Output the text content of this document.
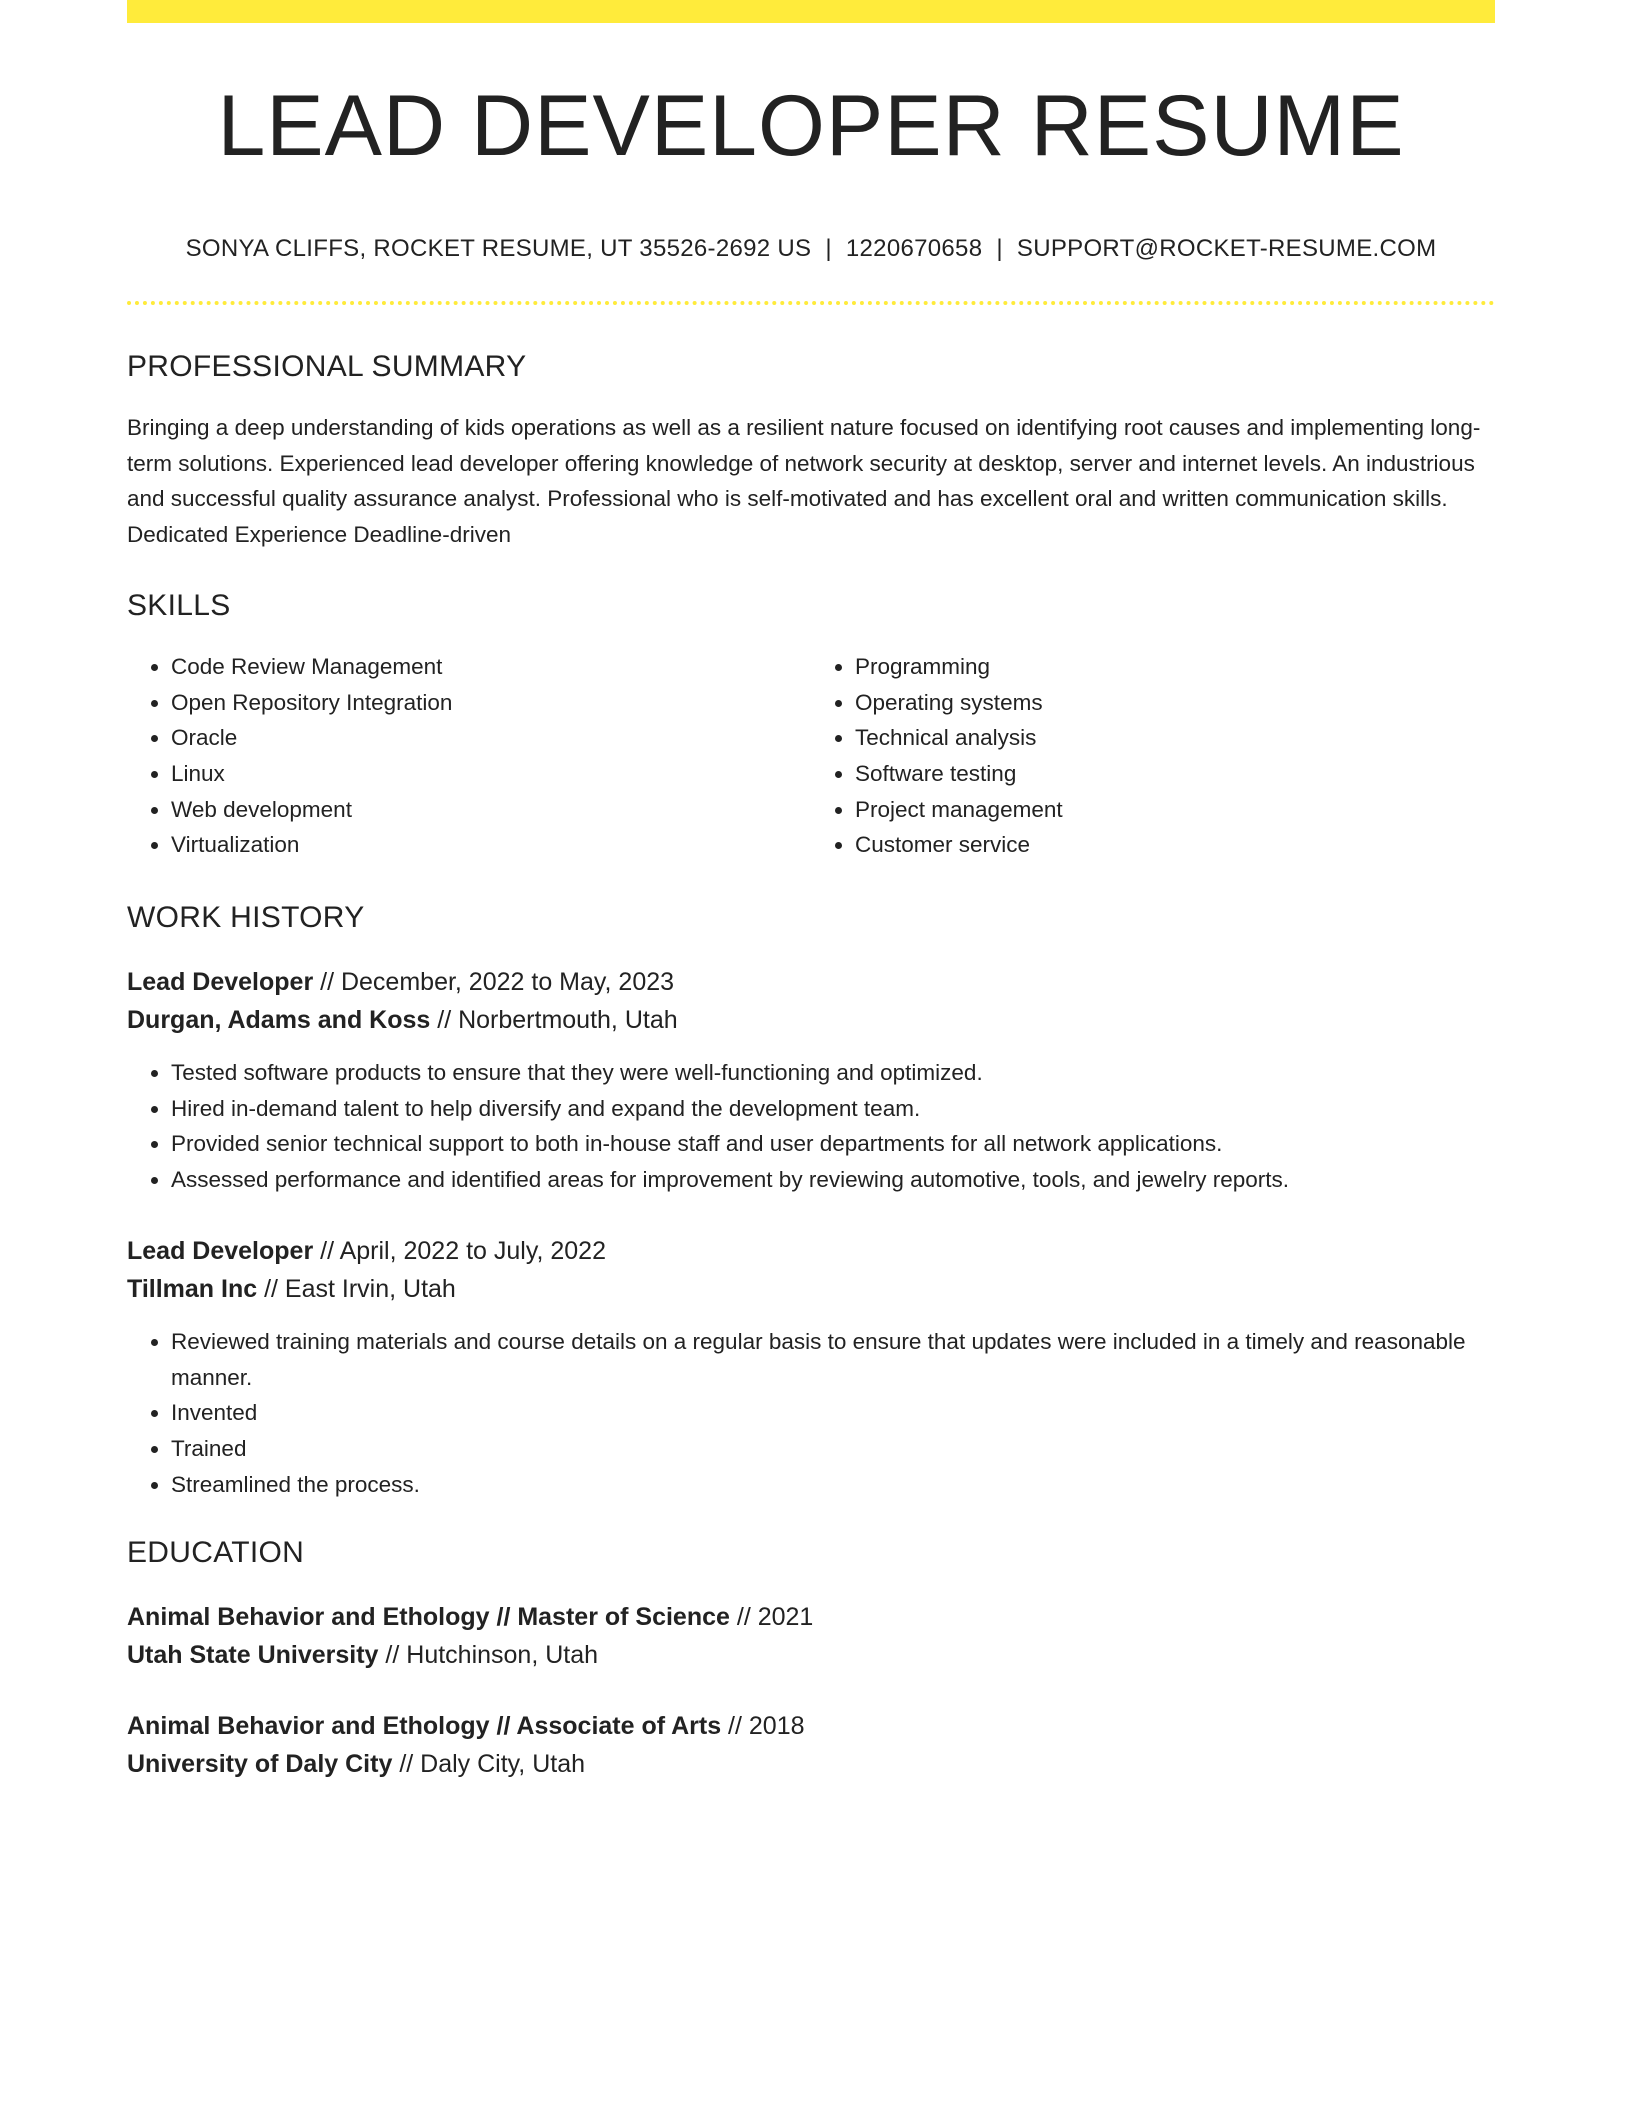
LEAD DEVELOPER RESUME
SONYA CLIFFS, ROCKET RESUME, UT 35526-2692 US | 1220670658 | SUPPORT@ROCKET-RESUME.COM
PROFESSIONAL SUMMARY
Bringing a deep understanding of kids operations as well as a resilient nature focused on identifying root causes and implementing long-term solutions. Experienced lead developer offering knowledge of network security at desktop, server and internet levels. An industrious and successful quality assurance analyst. Professional who is self-motivated and has excellent oral and written communication skills. Dedicated Experience Deadline-driven
SKILLS
• Code Review Management
• Open Repository Integration
• Oracle
• Linux
• Web development
• Virtualization
• Programming
• Operating systems
• Technical analysis
• Software testing
• Project management
• Customer service
WORK HISTORY
Lead Developer // December, 2022 to May, 2023
Durgan, Adams and Koss // Norbertmouth, Utah
• Tested software products to ensure that they were well-functioning and optimized.
• Hired in-demand talent to help diversify and expand the development team.
• Provided senior technical support to both in-house staff and user departments for all network applications.
• Assessed performance and identified areas for improvement by reviewing automotive, tools, and jewelry reports.
Lead Developer // April, 2022 to July, 2022
Tillman Inc // East Irvin, Utah
• Reviewed training materials and course details on a regular basis to ensure that updates were included in a timely and reasonable manner.
• Invented
• Trained
• Streamlined the process.
EDUCATION
Animal Behavior and Ethology // Master of Science // 2021
Utah State University // Hutchinson, Utah
Animal Behavior and Ethology // Associate of Arts // 2018
University of Daly City // Daly City, Utah
